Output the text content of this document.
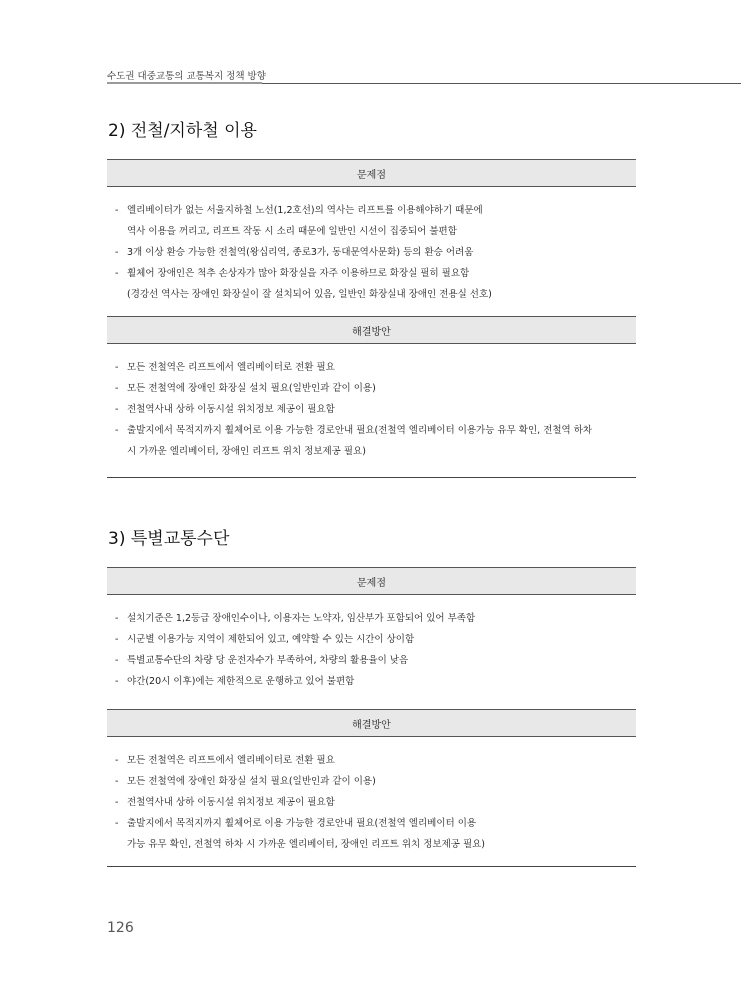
수도권 대중교통의 교통복지 정책 방향
2) 전철/지하철 이용
문제점
- 엘리베이터가 없는 서울지하철 노선(1,2호선)의 역사는 리프트를 이용해야하기 때문에
역사 이용을 꺼리고, 리프트 작동 시 소리 때문에 일반인 시선이 집중되어 불편함
- 3개 이상 환승 가능한 전철역(왕십리역, 종로3가, 동대문역사문화) 등의 환승 어려움
- 휠체어 장애인은 척추 손상자가 많아 화장실을 자주 이용하므로 화장실 필히 필요함
(경강선 역사는 장애인 화장실이 잘 설치되어 있음, 일반인 화장실내 장애인 전용실 선호)
해결방안
- 모든 전철역은 리프트에서 엘리베이터로 전환 필요
- 모든 전철역에 장애인 화장실 설치 필요(일반인과 같이 이용)
- 전철역사내 상하 이동시설 위치정보 제공이 필요함
- 출발지에서 목적지까지 휠체어로 이용 가능한 경로안내 필요(전철역 엘리베이터 이용가능 유무 확인, 전철역 하차
시 가까운 엘리베이터, 장애인 리프트 위치 정보제공 필요)
3) 특별교통수단
문제점
- 설치기준은 1,2등급 장애인수이나, 이용자는 노약자, 임산부가 포함되어 있어 부족함
- 시군별 이용가능 지역이 제한되어 있고, 예약할 수 있는 시간이 상이함
- 특별교통수단의 차량 당 운전자수가 부족하여, 차량의 활용율이 낮음
- 야간(20시 이후)에는 제한적으로 운행하고 있어 불편함
해결방안
- 모든 전철역은 리프트에서 엘리베이터로 전환 필요
- 모든 전철역에 장애인 화장실 설치 필요(일반인과 같이 이용)
- 전철역사내 상하 이동시설 위치정보 제공이 필요함
- 출발지에서 목적지까지 휠체어로 이용 가능한 경로안내 필요(전철역 엘리베이터 이용
가능 유무 확인, 전철역 하차 시 가까운 엘리베이터, 장애인 리프트 위치 정보제공 필요)
126
